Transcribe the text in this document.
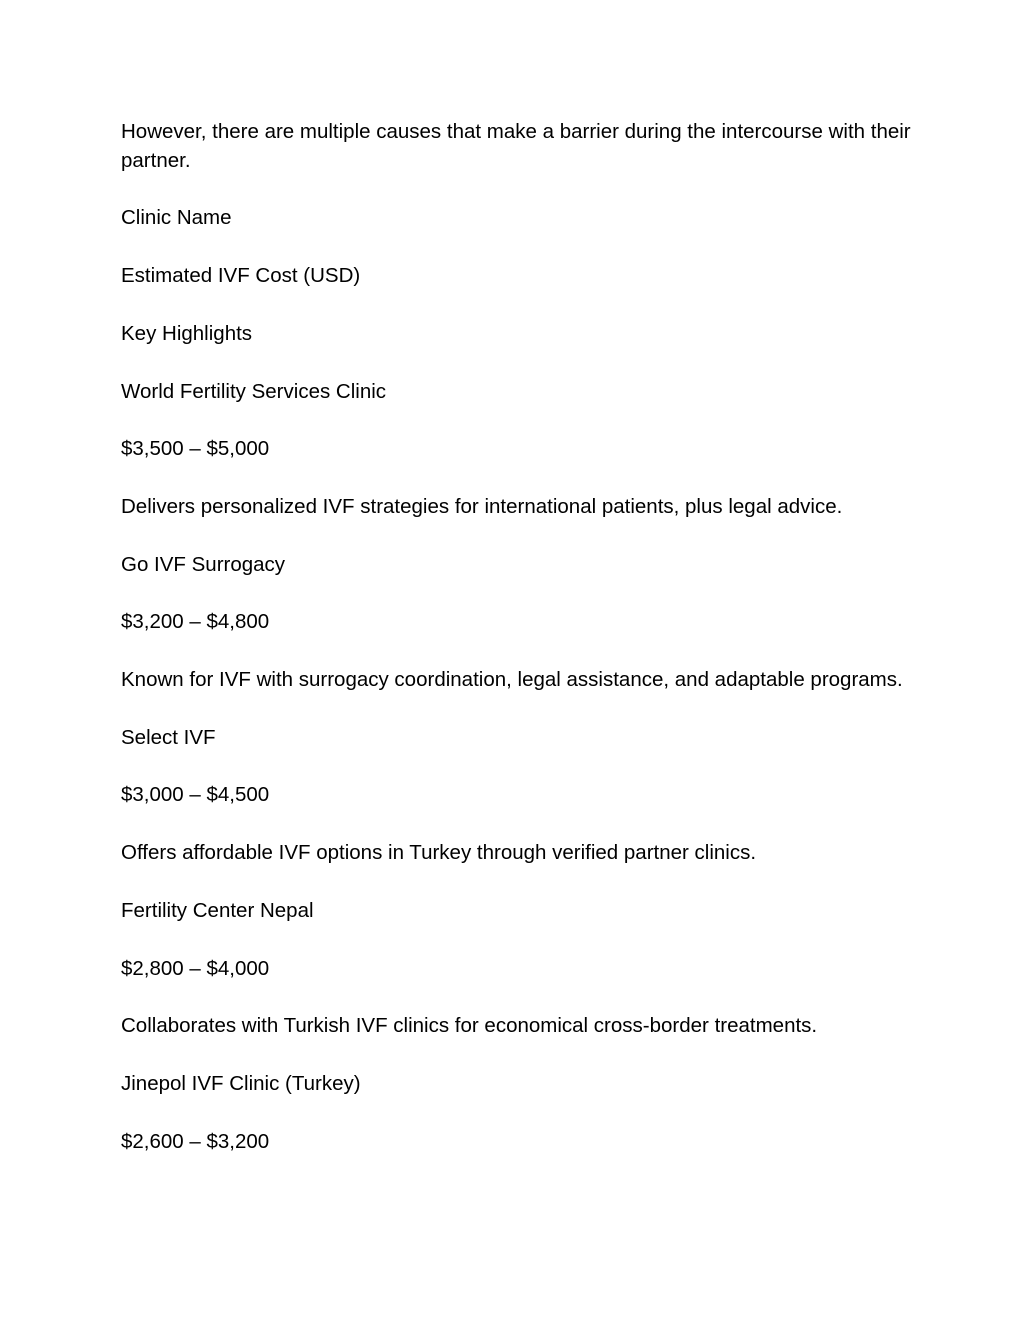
However, there are multiple causes that make a barrier during the intercourse with their partner.

Clinic Name

Estimated IVF Cost (USD)

Key Highlights

World Fertility Services Clinic

$3,500 – $5,000

Delivers personalized IVF strategies for international patients, plus legal advice.

Go IVF Surrogacy

$3,200 – $4,800

Known for IVF with surrogacy coordination, legal assistance, and adaptable programs.

Select IVF

$3,000 – $4,500

Offers affordable IVF options in Turkey through verified partner clinics.

Fertility Center Nepal

$2,800 – $4,000

Collaborates with Turkish IVF clinics for economical cross-border treatments.

Jinepol IVF Clinic (Turkey)

$2,600 – $3,200
